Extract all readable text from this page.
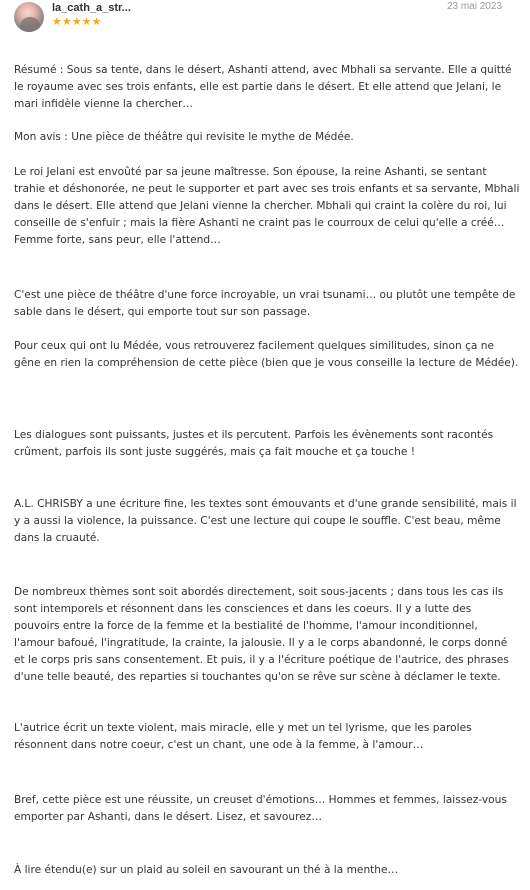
la_cath_a_str...
★★★★★
23 mai 2023

Résumé : Sous sa tente, dans le désert, Ashanti attend, avec Mbhali sa servante. Elle a quitté le royaume avec ses trois enfants, elle est partie dans le désert. Et elle attend que Jelani, le mari infidèle vienne la chercher…

Mon avis : Une pièce de théâtre qui revisite le mythe de Médée.

Le roi Jelani est envoûté par sa jeune maîtresse. Son épouse, la reine Ashanti, se sentant trahie et déshonorée, ne peut le supporter et part avec ses trois enfants et sa servante, Mbhali dans le désert. Elle attend que Jelani vienne la chercher. Mbhali qui craint la colère du roi, lui conseille de s'enfuir ; mais la fière Ashanti ne craint pas le courroux de celui qu'elle a créé… Femme forte, sans peur, elle l'attend…

C'est une pièce de théâtre d'une force incroyable, un vrai tsunami… ou plutôt une tempête de sable dans le désert, qui emporte tout sur son passage.

Pour ceux qui ont lu Médée, vous retrouverez facilement quelques similitudes, sinon ça ne gêne en rien la compréhension de cette pièce (bien que je vous conseille la lecture de Médée).

Les dialogues sont puissants, justes et ils percutent. Parfois les évènements sont racontés crûment, parfois ils sont juste suggérés, mais ça fait mouche et ça touche !

A.L. CHRISBY a une écriture fine, les textes sont émouvants et d'une grande sensibilité, mais il y a aussi la violence, la puissance. C'est une lecture qui coupe le souffle. C'est beau, même dans la cruauté.

De nombreux thèmes sont soit abordés directement, soit sous-jacents ; dans tous les cas ils sont intemporels et résonnent dans les consciences et dans les coeurs. Il y a lutte des pouvoirs entre la force de la femme et la bestialité de l'homme, l'amour inconditionnel, l'amour bafoué, l'ingratitude, la crainte, la jalousie. Il y a le corps abandonné, le corps donné et le corps pris sans consentement. Et puis, il y a l'écriture poétique de l'autrice, des phrases d'une telle beauté, des reparties si touchantes qu'on se rêve sur scène à déclamer le texte.

L'autrice écrit un texte violent, mais miracle, elle y met un tel lyrisme, que les paroles résonnent dans notre coeur, c'est un chant, une ode à la femme, à l'amour…

Bref, cette pièce est une réussite, un creuset d'émotions… Hommes et femmes, laissez-vous emporter par Ashanti, dans le désert. Lisez, et savourez…

À lire étendu(e) sur un plaid au soleil en savourant un thé à la menthe…
